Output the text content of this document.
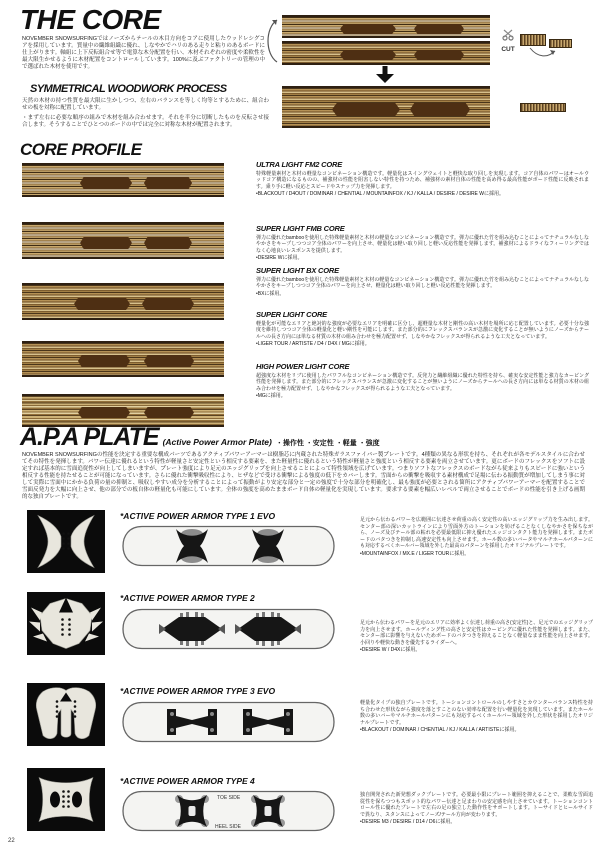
THE CORE

NOVEMBER SNOWSURFINGではノーズからテールの木目方向をコアに使用したウッドレシグコアを採用しています。質量中の繊維組織に優れ、しなやかでハリのある走りと粘りのあるボードに仕上がります。軸組に上下反転組合せ等で電算な木分配置を行い、木材それぞれの密度や柔軟性を最大限生かせるように木材配置をコントロールしています。100%に及ぶファクトリーの管理の中で選ばれた木材を使用です。

CUT
SYMMETRICAL WOODWORK PROCESS

天然の木材の持つ性質を最大限に生かしつつ、左右のバランスを等しく均等とするために、組合わせの板を対称に配置しています。

・まず左右に必要な順序の組みで木材を組み合わせます。それを半分に切断したものを反転させ接合します。そうすることでひとつのボードの中では完全に対称な木材が配置されます。

CORE PROFILE
ULTRA LIGHT FM2 CORE

特殊軽量素材と木材の軽量なコンビネーション構造です。軽量化はスイングウェイトと軽快な取り回しを実現します。コア自体のパワーはオールウッドコア構造になるものの、補強材の性能を阻害しない特性を持つため、補強材の素材自体の性能を高め得る最高性能がボード性能に反映されます。乗り手に軽い反応とスピードやスナップ力を発揮します。

•BLACKOUT / D4OUT / DOMINAR / CHENTIAL / MOUNTAINFOX / KJ / KALLA / DESIRE / DESIRE Wに採用。
SUPER LIGHT FMB CORE

弾力に優れたbambooを使用した特殊軽量素材と木材の軽量なコンビネーション構造です。弾力に優れた竹を組み込むことによってナチュラルなしなやかさをキープしつつコア全体のパワーを向上させ、軽量化は軽い取り回しと軽い反応性能を発揮します。補強材によるドライなフィーリングではなく心地良いレスポンスを提供します。

•DESIRE Wに採用。
SUPER LIGHT BX CORE

弾力に優れたbambooを使用した特殊軽量素材と木材の軽量なコンビネーション構造です。弾力に優れた竹を組み込むことによってナチュラルなしなやかさをキープしつつコア全体のパワーを向上させ、軽量化は軽い取り回しと軽い反応性能を発揮します。

•BXに採用。
SUPER LIGHT CORE

軽量化が可能なエリアと絶対的な強度が必要なエリアを明確に区分し、超軽量な木材と剛性の高い木材を場所に応じ配置しています。必要十分な強度を維持しつつコア全体の軽量化と軽い剛性を可能にします。また部分的にフレックスバランスが急激に変化することが無いようにノーズからテールへの長さ方向には単なる材質の木材の組み合わせを極力配置せず、しなやかなフレックスが得られるような工夫となっています。

•LIGER TOUR / ARTISTE / D4 / D4X / MGに採用。
HIGH POWER LIGHT CORE

超強度な木材をリブに使用したパワフルなコンビネーション構造です。反発力と繊維組織に優れた特性を持ち、確実な安定性能と強力なカービング性能を発揮します。また部分的にフレックスバランスが急激に変化することが無いようにノーズからテールへの長さ方向には単なる材質の木材の組み合わせを極力配置せず、しなやかなフレックスが得られるような工夫となっています。

•MGに採用。
A.P.A PLATE (Active Power Armor Plate) ・操作性 ・安定性 ・軽量 ・強度

NOVEMBER SNOWSURFINGの性能を決定する重要な構成パーツであるアクティブパワーアーマーは樹脂芯に内蔵された特殊ガラスファイバー製プレートです。4種類の異なる形状を持ち、それぞれが各モデルスタイルに合わせてその特性を発揮します。パワー伝達に優れるという特性が軽量さと安定性という相反する要素を、また軽量性に優れるという特性が軽量さと強度という相反する要素を両立させています。更にボードのフレックスをソフトに設定すれば基本的に雪面追従性が向上してしまいますが、プレート強度により足元のエッジグリップを向上させることによって特性領域を広げています。つまりソフトなフレックスのボードながら従来よりもスピードに強いという相反する性能を持たせることが可能になっています。さらに優れた衝撃吸収性により、ヒザなどで受ける衝撃による強度の低下をカバーします。雪面からの衝撃を吸収する素材構成で足場に伝わる振動質が増加してしまう事に対して実際に雪面中にかかる負荷の量の抑制と、吸収しやすい成分を分析することによって振動がより安定な部分と一定の強度で十分な部分を明確化し、最も強度が必要とされる箇所にアクティブパワーアーマーを配置することで雪面反発力を大幅に向上させ、他の部分での板自体の軽量化も可能にしています。全体の強度を高めたままボード自体の軽量化を実現しています。要求する要素を幅広いレベルで両立させることでボードの性能を引き上げる画期的な独自プレートです。

*ACTIVE POWER ARMOR TYPE 1 EVO	足元から伝わるパワーを広範囲に伝達させ荷重の高く安定性の高いエッジグリップ力を生み出します。センター部の深いカットラインにより雪面外方のトーションを妨げることなくしなやかさを保ちながら、ノーズ及びテール部の粘れを必要最低限に抑え優れたエッジコンタクト能力を発揮します。またボードのバタつきを抑制し高速安定性も向上させます。ホール数の多いバータやマルチホールパターンにも対応するべくホールバー領域を外した最高のパターンを採用したオリジナルプレートです。

•MOUNTAINFOX / MX.E / LIGER TOURに採用。
*ACTIVE POWER ARMOR TYPE 2

足元から伝わるパワーを足元のエリアに効率よく伝達し荷重の高さ(安定性)と、足元でのエッジグリップ力を向上させます。ホールディング性の高さと安定性はカービングに優れた性能を発揮します。また、センター部に影響を与えないためボードのバタつきを抑えることなく軽量なまま性能を向上させます。小回りや軽快な動きを優先するライダーへ。

•DESIRE W / D4Xに採用。
*ACTIVE POWER ARMOR TYPE 3 EVO

軽量化タイプの独自プレートです。トーションコントロールのしやすさとカウンターバランス特性を持ち合わせた形状ながら強度を落とすことのない効率な配置を行い軽量化を実現しています。またホール数の多いバーやマルチホールパターンにも対応するべくホールバー領域を外した形状を採用したオリジナルプレートです。

•BLACKOUT / DOMINAR / CHENTIAL / KJ / KALLA / ARTISTEに採用。
*ACTIVE POWER ARMOR TYPE 4
TOE SIDE
HEEL SIDE

独自開発された新発想ダックプレートです。必要最小限にプレート範囲を抑えることで、柔軟な雪面追従性を保ちつつもスポット的なパワー伝達と足まわりの安定感を向上させています。トーションコントロール性に優れたプレートで左右の足の独立した動作性をサポートします。トーサイドとヒールサイドで異なり、スタンスによってノーズ/テール方向が変わります。

•DESIRE M3 / DESIRE / D14 / D6に採用。
22
